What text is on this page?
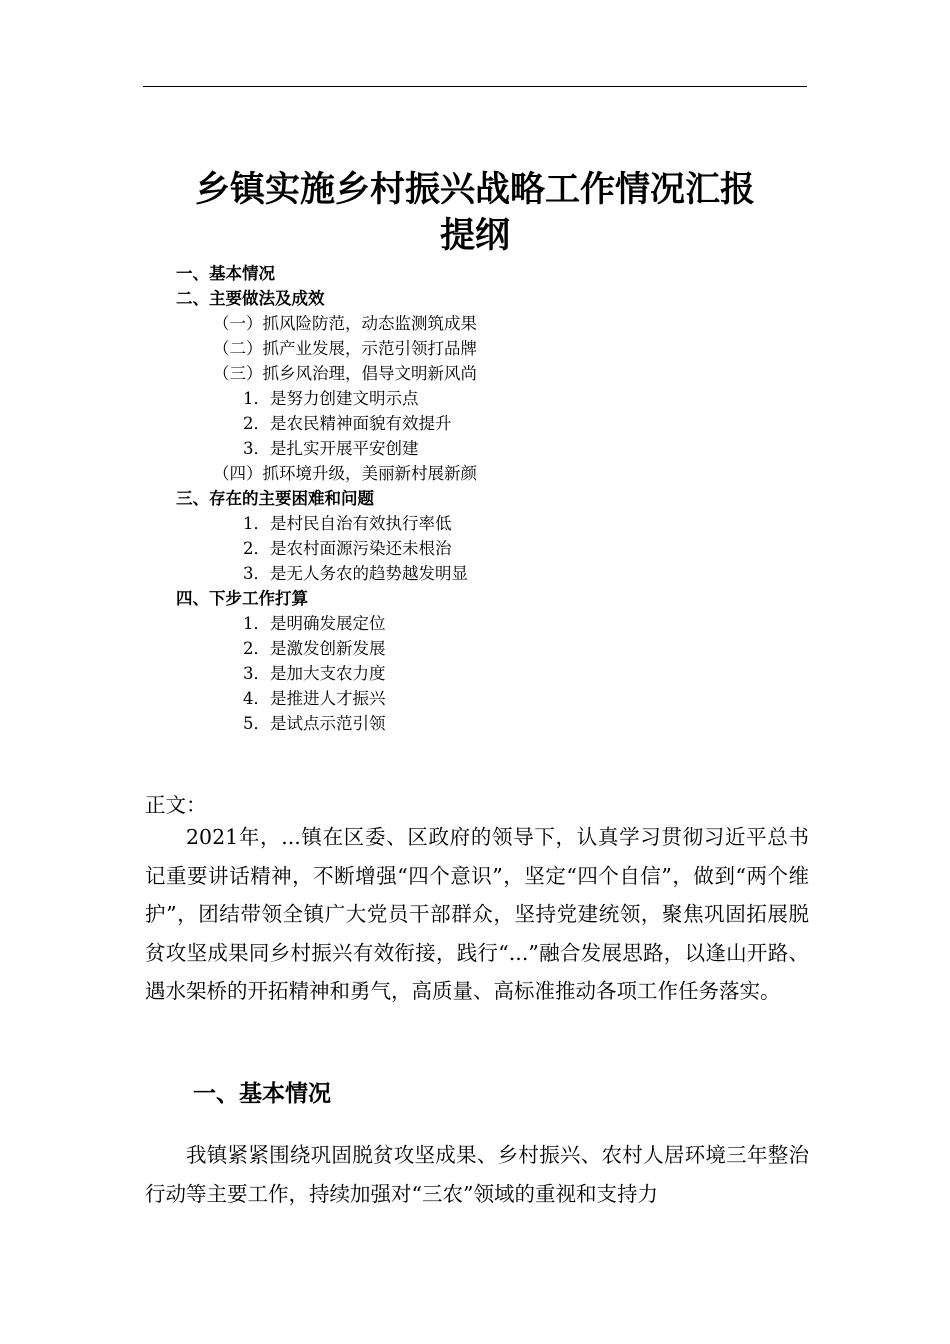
乡镇实施乡村振兴战略工作情况汇报
提纲
一、基本情况
二、主要做法及成效
（一）抓风险防范，动态监测筑成果
（二）抓产业发展，示范引领打品牌
（三）抓乡风治理，倡导文明新风尚
1．是努力创建文明示点
2．是农民精神面貌有效提升
3．是扎实开展平安创建
（四）抓环境升级，美丽新村展新颜
三、存在的主要困难和问题
1．是村民自治有效执行率低
2．是农村面源污染还未根治
3．是无人务农的趋势越发明显
四、下步工作打算
1．是明确发展定位
2．是激发创新发展
3．是加大支农力度
4．是推进人才振兴
5．是试点示范引领
正文：
2021年，...镇在区委、区政府的领导下，认真学习贯彻习近平总书记重要讲话精神，不断增强“四个意识”，坚定“四个自信”，做到“两个维护”，团结带领全镇广大党员干部群众，坚持党建统领，聚焦巩固拓展脱贫攻坚成果同乡村振兴有效衔接，践行“...”融合发展思路，以逢山开路、遇水架桥的开拓精神和勇气，高质量、高标准推动各项工作任务落实。
一、基本情况
我镇紧紧围绕巩固脱贫攻坚成果、乡村振兴、农村人居环境三年整治行动等主要工作，持续加强对“三农”领域的重视和支持力
